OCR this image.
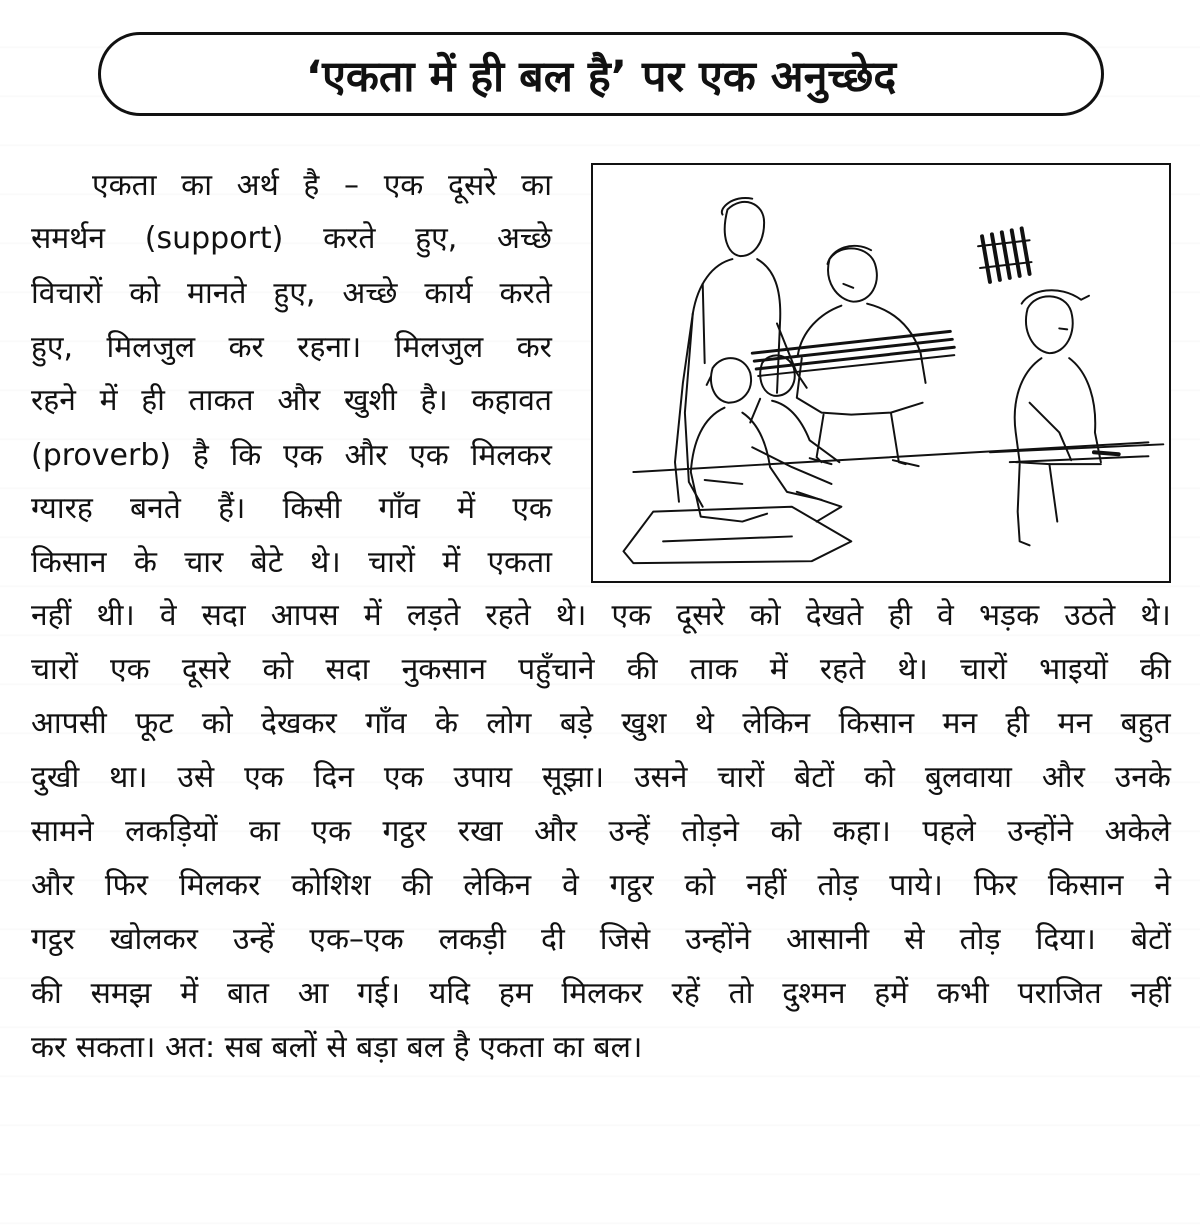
‘एकता में ही बल है’ पर एक अनुच्छेद
एकता का अर्थ है – एक दूसरे का
समर्थन (support) करते हुए, अच्छे
विचारों को मानते हुए, अच्छे कार्य करते
हुए, मिलजुल कर रहना। मिलजुल कर
रहने में ही ताकत और खुशी है। कहावत
(proverb) है कि एक और एक मिलकर
ग्यारह बनते हैं। किसी गाँव में एक
किसान के चार बेटे थे। चारों में एकता
नहीं थी। वे सदा आपस में लड़ते रहते थे। एक दूसरे को देखते ही वे भड़क उठते थे।
चारों एक दूसरे को सदा नुकसान पहुँचाने की ताक में रहते थे। चारों भाइयों की
आपसी फूट को देखकर गाँव के लोग बड़े खुश थे लेकिन किसान मन ही मन बहुत
दुखी था। उसे एक दिन एक उपाय सूझा। उसने चारों बेटों को बुलवाया और उनके
सामने लकड़ियों का एक गट्ठर रखा और उन्हें तोड़ने को कहा। पहले उन्होंने अकेले
और फिर मिलकर कोशिश की लेकिन वे गट्ठर को नहीं तोड़ पाये। फिर किसान ने
गट्ठर खोलकर उन्हें एक–एक लकड़ी दी जिसे उन्होंने आसानी से तोड़ दिया। बेटों
की समझ में बात आ गई। यदि हम मिलकर रहें तो दुश्मन हमें कभी पराजित नहीं
कर सकता। अत: सब बलों से बड़ा बल है एकता का बल।
